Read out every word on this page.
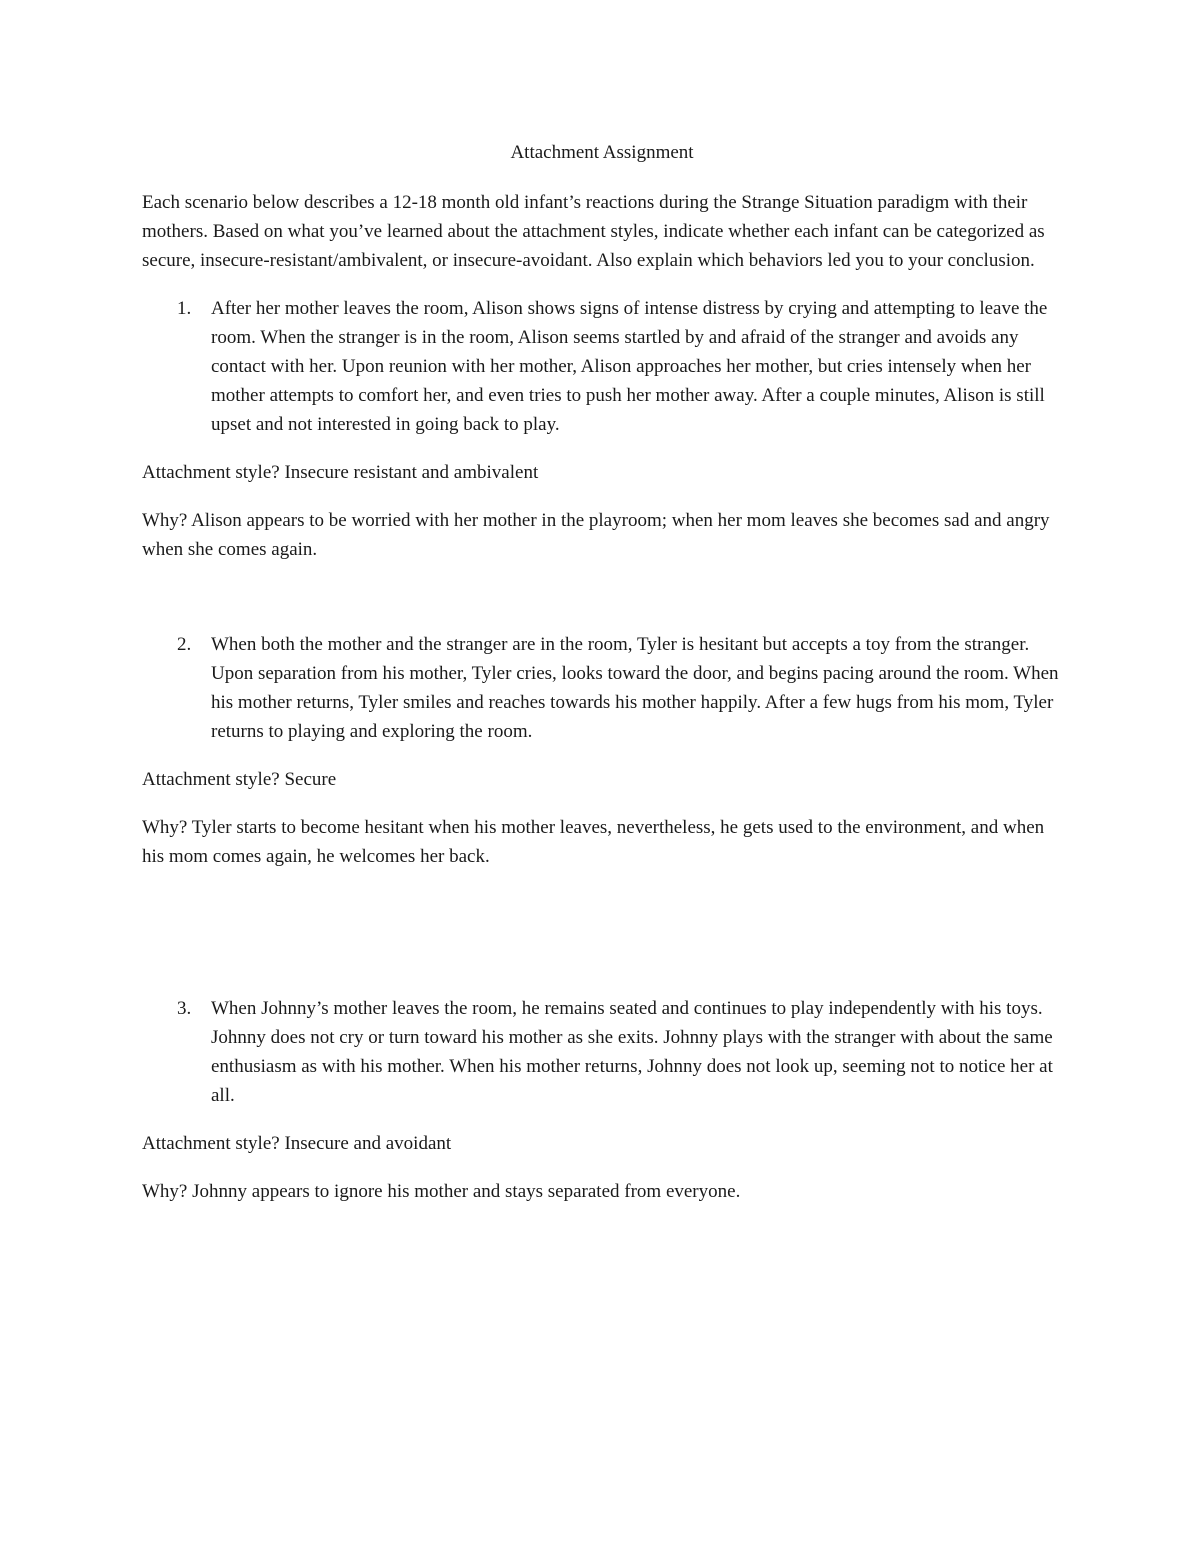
Attachment Assignment

Each scenario below describes a 12-18 month old infant’s reactions during the Strange Situation paradigm with their mothers. Based on what you’ve learned about the attachment styles, indicate whether each infant can be categorized as secure, insecure-resistant/ambivalent, or insecure-avoidant. Also explain which behaviors led you to your conclusion.

1.	After her mother leaves the room, Alison shows signs of intense distress by crying and attempting to leave the room. When the stranger is in the room, Alison seems startled by and afraid of the stranger and avoids any contact with her. Upon reunion with her mother, Alison approaches her mother, but cries intensely when her mother attempts to comfort her, and even tries to push her mother away. After a couple minutes, Alison is still upset and not interested in going back to play.

Attachment style? Insecure resistant and ambivalent

Why? Alison appears to be worried with her mother in the playroom; when her mom leaves she becomes sad and angry when she comes again.

2.	When both the mother and the stranger are in the room, Tyler is hesitant but accepts a toy from the stranger. Upon separation from his mother, Tyler cries, looks toward the door, and begins pacing around the room. When his mother returns, Tyler smiles and reaches towards his mother happily. After a few hugs from his mom, Tyler returns to playing and exploring the room.

Attachment style? Secure

Why? Tyler starts to become hesitant when his mother leaves, nevertheless, he gets used to the environment, and when his mom comes again, he welcomes her back.

3.	When Johnny’s mother leaves the room, he remains seated and continues to play independently with his toys. Johnny does not cry or turn toward his mother as she exits. Johnny plays with the stranger with about the same enthusiasm as with his mother. When his mother returns, Johnny does not look up, seeming not to notice her at all.

Attachment style? Insecure and avoidant

Why? Johnny appears to ignore his mother and stays separated from everyone.
